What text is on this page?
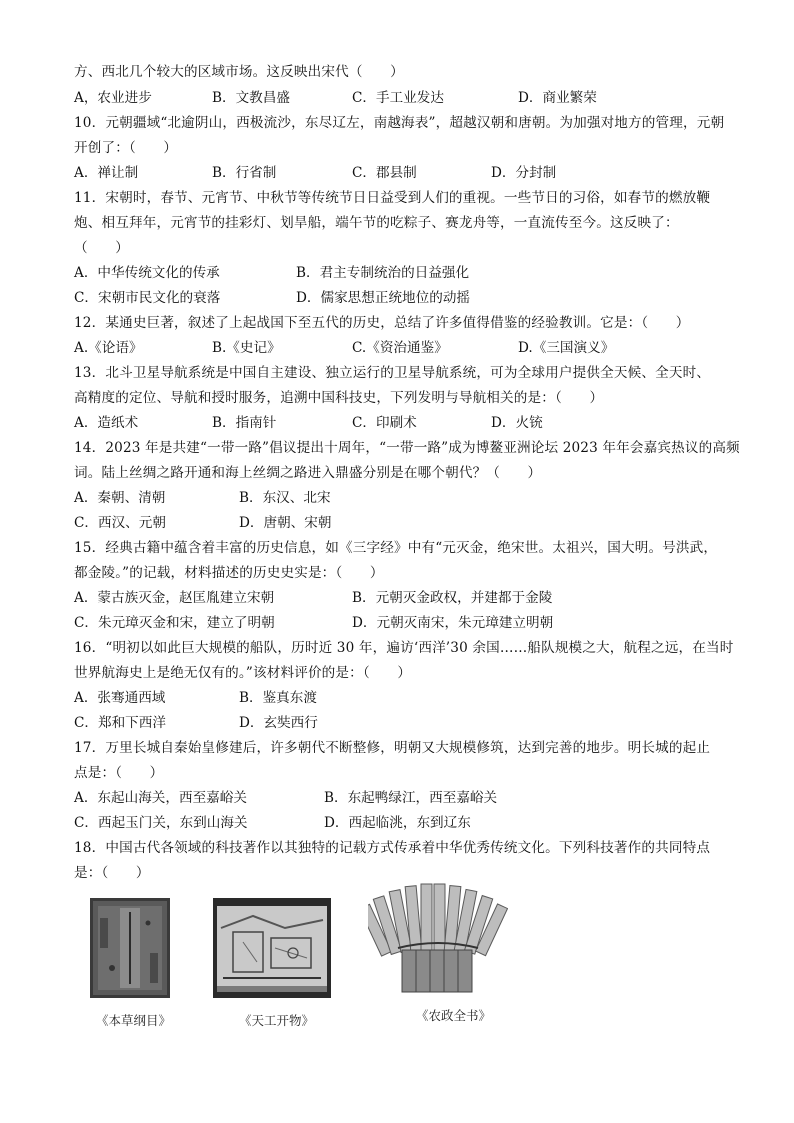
方、西北几个较大的区域市场。这反映出宋代（　　）
A，农业进步	B．文教昌盛	C．手工业发达	D．商业繁荣
10．元朝疆域“北逾阴山，西极流沙，东尽辽左，南越海表”，超越汉朝和唐朝。为加强对地方的管理，元朝
开创了：（　　）
A．禅让制	B．行省制	C．郡县制	D．分封制
11．宋朝时，春节、元宵节、中秋节等传统节日日益受到人们的重视。一些节日的习俗，如春节的燃放鞭
炮、相互拜年，元宵节的挂彩灯、划旱船，端午节的吃粽子、赛龙舟等，一直流传至今。这反映了：
（　　）
A．中华传统文化的传承	B．君主专制统治的日益强化
C．宋朝市民文化的衰落	D．儒家思想正统地位的动摇
12．某通史巨著，叙述了上起战国下至五代的历史，总结了许多值得借鉴的经验教训。它是：（　　）
A.《论语》	B.《史记》	C.《资治通鉴》	D.《三国演义》
13．北斗卫星导航系统是中国自主建设、独立运行的卫星导航系统，可为全球用户提供全天候、全天时、
高精度的定位、导航和授时服务，追溯中国科技史，下列发明与导航相关的是：（　　）
A．造纸术	B．指南针	C．印刷术	D．火铳
14．2023 年是共建“一带一路”倡议提出十周年，“一带一路”成为博鳌亚洲论坛 2023 年年会嘉宾热议的高频
词。陆上丝绸之路开通和海上丝绸之路进入鼎盛分别是在哪个朝代？（　　）
A．秦朝、清朝	B．东汉、北宋
C．西汉、元朝	D．唐朝、宋朝
15．经典古籍中蕴含着丰富的历史信息，如《三字经》中有“元灭金，绝宋世。太祖兴，国大明。号洪武，
都金陵。”的记载，材料描述的历史史实是：（　　）
A．蒙古族灭金，赵匡胤建立宋朝	B．元朝灭金政权，并建都于金陵
C．朱元璋灭金和宋，建立了明朝	D．元朝灭南宋，朱元璋建立明朝
16．“明初以如此巨大规模的船队，历时近 30 年，遍访‘西洋’30 余国……船队规模之大，航程之远，在当时
世界航海史上是绝无仅有的。”该材料评价的是：（　　）
A．张骞通西域	B．鉴真东渡
C．郑和下西洋	D．玄奘西行
17．万里长城自秦始皇修建后，许多朝代不断整修，明朝又大规模修筑，达到完善的地步。明长城的起止
点是：（　　）
A．东起山海关，西至嘉峪关	B．东起鸭绿江，西至嘉峪关
C．西起玉门关，东到山海关	D．西起临洮，东到辽东
18．中国古代各领域的科技著作以其独特的记载方式传承着中华优秀传统文化。下列科技著作的共同特点
是：（　　）
《本草纲目》	《天工开物》	《农政全书》
